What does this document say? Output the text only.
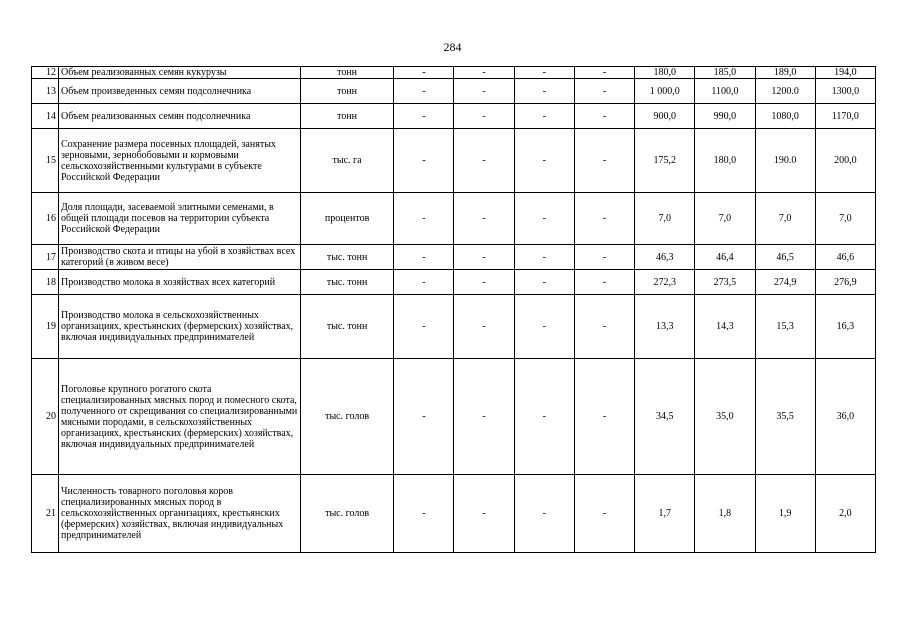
284
12	Объем реализованных семян кукурузы	тонн	-	-	-	-	180,0	185,0	189,0	194,0
13	Объем произведенных семян подсолнечника	тонн	-	-	-	-	1 000,0	1100,0	1200.0	1300,0
14	Объем реализованных семян подсолнечника	тонн	-	-	-	-	900,0	990,0	1080,0	1170,0
15	Сохранение размера посевных площадей, занятых зерновыми, зернобобовыми и кормовыми сельскохозяйственными культурами в субъекте Российской Федерации	тыс. га	-	-	-	-	175,2	180,0	190.0	200,0
16	Доля площади, засеваемой элитными семенами, в общей площади посевов на территории субъекта Российской Федерации	процентов	-	-	-	-	7,0	7,0	7,0	7,0
17	Производство скота и птицы на убой в хозяйствах всех категорий (в живом весе)	тыс. тонн	-	-	-	-	46,3	46,4	46,5	46,6
18	Производство молока в хозяйствах всех категорий	тыс. тонн	-	-	-	-	272,3	273,5	274,9	276,9
19	Производство молока в сельскохозяйственных организациях, крестьянских (фермерских) хозяйствах, включая индивидуальных предпринимателей	тыс. тонн	-	-	-	-	13,3	14,3	15,3	16,3
20	Поголовье крупного рогатого скота специализированных мясных пород и помесного скота, полученного от скрещивания со специализированными мясными породами, в сельскохозяйственных организациях, крестьянских (фермерских) хозяйствах, включая индивидуальных предпринимателей	тыс. голов	-	-	-	-	34,5	35,0	35,5	36,0
21	Численность товарного поголовья коров специализированных мясных пород в сельскохозяйственных организациях, крестьянских (фермерских) хозяйствах, включая индивидуальных предпринимателей	тыс. голов	-	-	-	-	1,7	1,8	1,9	2,0
